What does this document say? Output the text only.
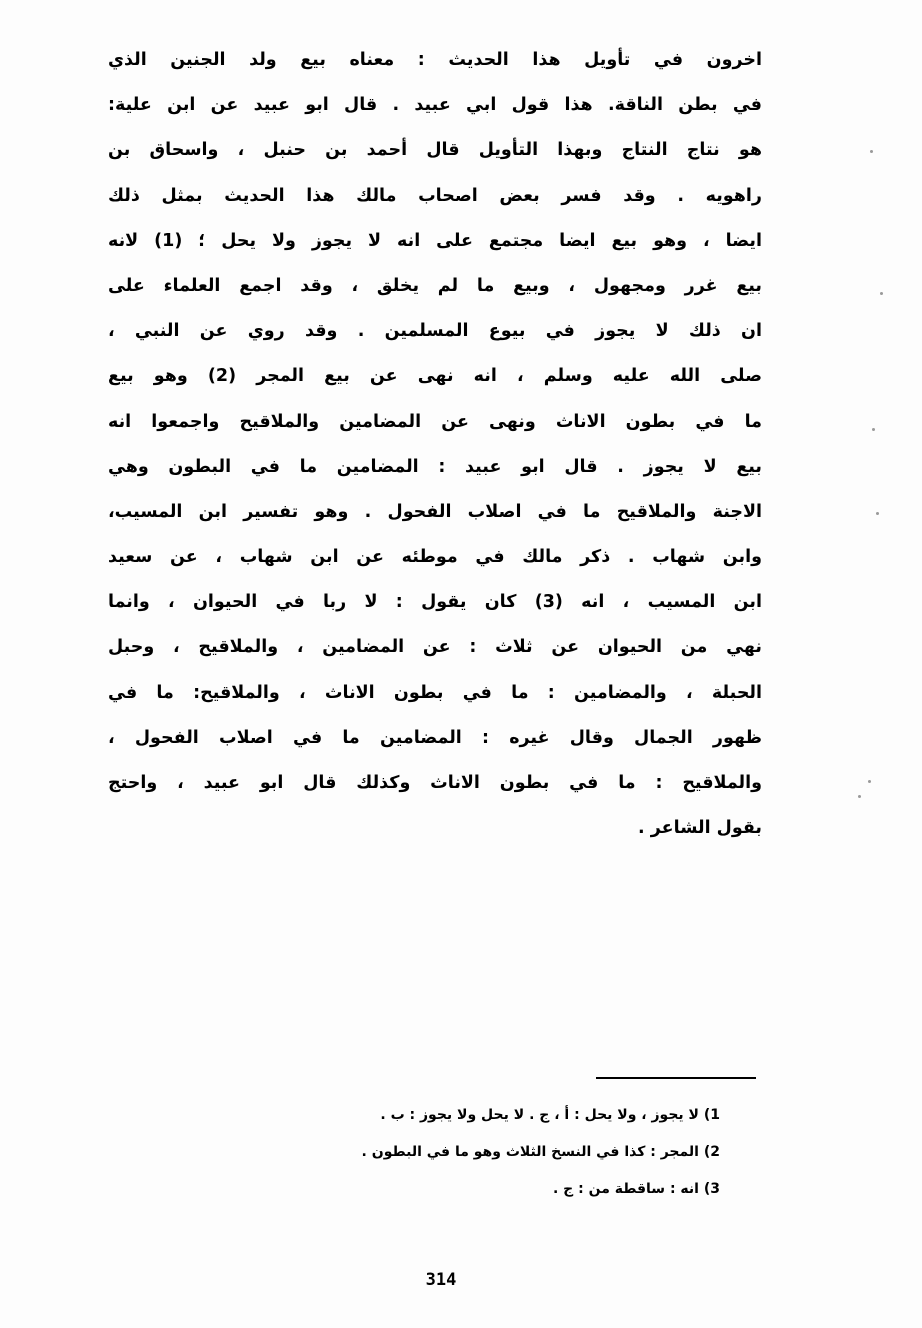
اخرون في تأويل هذا الحديث : معناه بيع ولد الجنين الذي
في بطن الناقة. هذا قول ابي عبيد . قال ابو عبيد عن ابن علية:
هو نتاج النتاج وبهذا التأويل قال أحمد بن حنبل ، واسحاق بن
راهويه . وقد فسر بعض اصحاب مالك هذا الحديث بمثل ذلك
ايضا ، وهو بيع ايضا مجتمع على انه لا يجوز ولا يحل ؛ (1) لانه
بيع غرر ومجهول ، وبيع ما لم يخلق ، وقد اجمع العلماء على
ان ذلك لا يجوز في بيوع المسلمين . وقد روي عن النبي ،
صلى الله عليه وسلم ، انه نهى عن بيع المجر (2) وهو بيع
ما في بطون الاناث ونهى عن المضامين والملاقيح واجمعوا انه
بيع لا يجوز . قال ابو عبيد : المضامين ما في البطون وهي
الاجنة والملاقيح ما في اصلاب الفحول . وهو تفسير ابن المسيب،
وابن شهاب . ذكر مالك في موطئه عن ابن شهاب ، عن سعيد
ابن المسيب ، انه (3) كان يقول : لا ربا في الحيوان ، وانما
نهي من الحيوان عن ثلاث : عن المضامين ، والملاقيح ، وحبل
الحبلة ، والمضامين : ما في بطون الاناث ، والملاقيح: ما في
ظهور الجمال وقال غيره : المضامين ما في اصلاب الفحول ،
والملاقيح : ما في بطون الاناث وكذلك قال ابو عبيد ، واحتج
بقول الشاعر .
1) لا يجوز ، ولا يحل : أ ، ج . لا يحل ولا يجوز : ب .
2) المجر : كذا في النسخ الثلاث وهو ما في البطون .
3) انه : ساقطة من : ج .
314
